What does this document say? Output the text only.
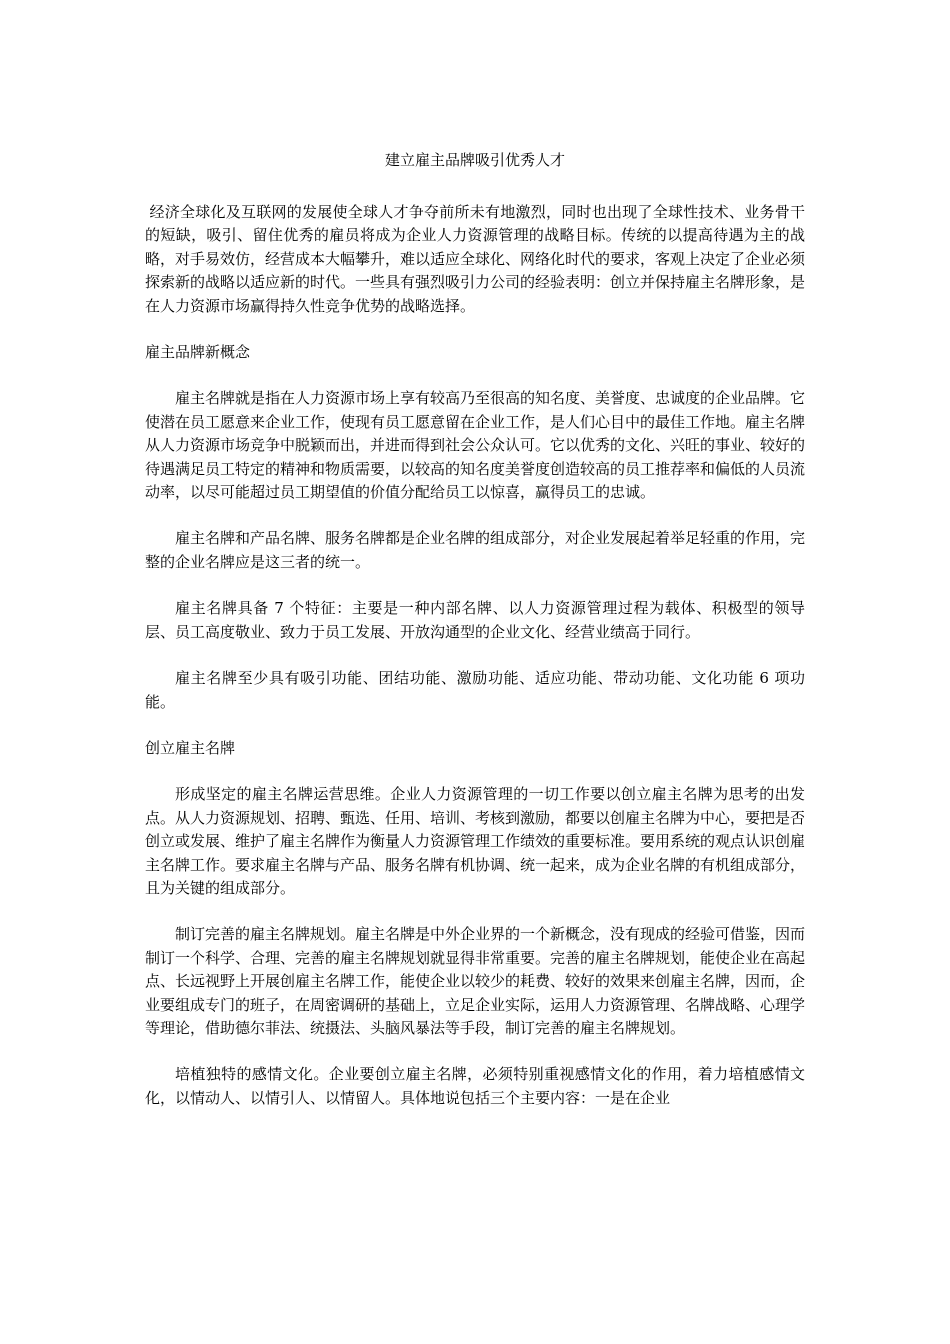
建立雇主品牌吸引优秀人才

经济全球化及互联网的发展使全球人才争夺前所未有地激烈，同时也出现了全球性技术、业务骨干的短缺，吸引、留住优秀的雇员将成为企业人力资源管理的战略目标。传统的以提高待遇为主的战略，对手易效仿，经营成本大幅攀升，难以适应全球化、网络化时代的要求，客观上决定了企业必须探索新的战略以适应新的时代。一些具有强烈吸引力公司的经验表明：创立并保持雇主名牌形象，是在人力资源市场赢得持久性竞争优势的战略选择。

雇主品牌新概念

雇主名牌就是指在人力资源市场上享有较高乃至很高的知名度、美誉度、忠诚度的企业品牌。它使潜在员工愿意来企业工作，使现有员工愿意留在企业工作，是人们心目中的最佳工作地。雇主名牌从人力资源市场竞争中脱颖而出，并进而得到社会公众认可。它以优秀的文化、兴旺的事业、较好的待遇满足员工特定的精神和物质需要，以较高的知名度美誉度创造较高的员工推荐率和偏低的人员流动率，以尽可能超过员工期望值的价值分配给员工以惊喜，赢得员工的忠诚。

雇主名牌和产品名牌、服务名牌都是企业名牌的组成部分，对企业发展起着举足轻重的作用，完整的企业名牌应是这三者的统一。

雇主名牌具备 7 个特征：主要是一种内部名牌、以人力资源管理过程为载体、积极型的领导层、员工高度敬业、致力于员工发展、开放沟通型的企业文化、经营业绩高于同行。

雇主名牌至少具有吸引功能、团结功能、激励功能、适应功能、带动功能、文化功能 6 项功能。

创立雇主名牌

形成坚定的雇主名牌运营思维。企业人力资源管理的一切工作要以创立雇主名牌为思考的出发点。从人力资源规划、招聘、甄选、任用、培训、考核到激励，都要以创雇主名牌为中心，要把是否创立或发展、维护了雇主名牌作为衡量人力资源管理工作绩效的重要标准。要用系统的观点认识创雇主名牌工作。要求雇主名牌与产品、服务名牌有机协调、统一起来，成为企业名牌的有机组成部分，且为关键的组成部分。

制订完善的雇主名牌规划。雇主名牌是中外企业界的一个新概念，没有现成的经验可借鉴，因而制订一个科学、合理、完善的雇主名牌规划就显得非常重要。完善的雇主名牌规划，能使企业在高起点、长远视野上开展创雇主名牌工作，能使企业以较少的耗费、较好的效果来创雇主名牌，因而，企业要组成专门的班子，在周密调研的基础上，立足企业实际，运用人力资源管理、名牌战略、心理学等理论，借助德尔菲法、统摄法、头脑风暴法等手段，制订完善的雇主名牌规划。

培植独特的感情文化。企业要创立雇主名牌，必须特别重视感情文化的作用，着力培植感情文化，以情动人、以情引人、以情留人。具体地说包括三个主要内容：一是在企业
